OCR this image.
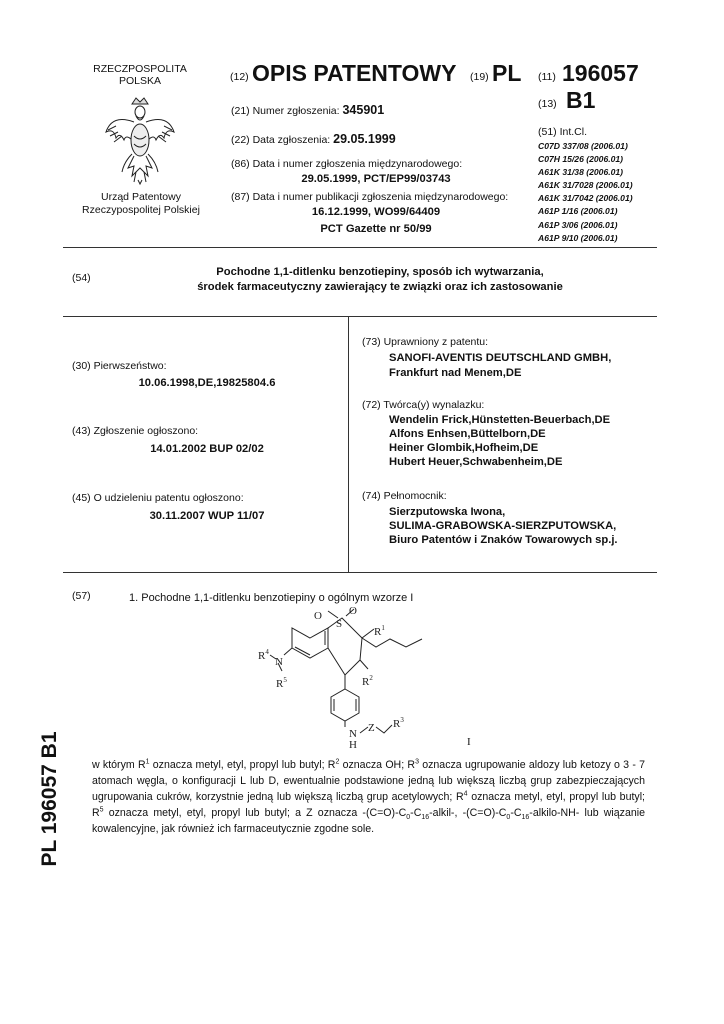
RZECZPOSPOLITA
POLSKA
Urząd Patentowy
Rzeczypospolitej Polskiej
(12) OPIS PATENTOWY (19) PL
(21) Numer zgłoszenia: 345901
(22) Data zgłoszenia: 29.05.1999
(86) Data i numer zgłoszenia międzynarodowego:
29.05.1999, PCT/EP99/03743
(87) Data i numer publikacji zgłoszenia międzynarodowego:
16.12.1999, WO99/64409
PCT Gazette nr 50/99
(11) 196057
(13) B1
(51) Int.Cl.
C07D 337/08 (2006.01)
C07H 15/26 (2006.01)
A61K 31/38 (2006.01)
A61K 31/7028 (2006.01)
A61K 31/7042 (2006.01)
A61P 1/16 (2006.01)
A61P 3/06 (2006.01)
A61P 9/10 (2006.01)
(54)	Pochodne 1,1-ditlenku benzotiepiny, sposób ich wytwarzania,
środek farmaceutyczny zawierający te związki oraz ich zastosowanie
(30) Pierwszeństwo:
10.06.1998,DE,19825804.6
(43) Zgłoszenie ogłoszono:
14.01.2002 BUP 02/02
(45) O udzieleniu patentu ogłoszono:
30.11.2007 WUP 11/07
(73) Uprawniony z patentu:
SANOFI-AVENTIS DEUTSCHLAND GMBH,
Frankfurt nad Menem,DE
(72) Twórca(y) wynalazku:
Wendelin Frick,Hünstetten-Beuerbach,DE
Alfons Enhsen,Büttelborn,DE
Heiner Glombik,Hofheim,DE
Hubert Heuer,Schwabenheim,DE
(74) Pełnomocnik:
Sierzputowska Iwona,
SULIMA-GRABOWSKA-SIERZPUTOWSKA,
Biuro Patentów i Znaków Towarowych sp.j.
(57)	1. Pochodne 1,1-ditlenku benzotiepiny o ogólnym wzorze I
O
S
O
$R^1$
$R^2$
$R^4$
N
$R^5$
N
H
Z $R^3$
I
w którym $R^1$ oznacza metyl, etyl, propyl lub butyl; $R^2$ oznacza OH; $R^3$ oznacza ugrupowanie aldozy lub ketozy o 3 - 7 atomach węgla, o konfiguracji L lub D, ewentualnie podstawione jedną lub większą liczbą grup zabezpieczających ugrupowania cukrów, korzystnie jedną lub większą liczbą grup acetylowych; $R^4$ oznacza metyl, etyl, propyl lub butyl; $R^5$ oznacza metyl, etyl, propyl lub butyl; a Z oznacza $-(C=O)-C_0-C_{16}-alkil-$, $-(C=O)-C_0-C_{16}-alkilo-NH-$ lub wiązanie kowalencyjne, jak również ich farmaceutycznie zgodne sole.
PL 196057 B1
